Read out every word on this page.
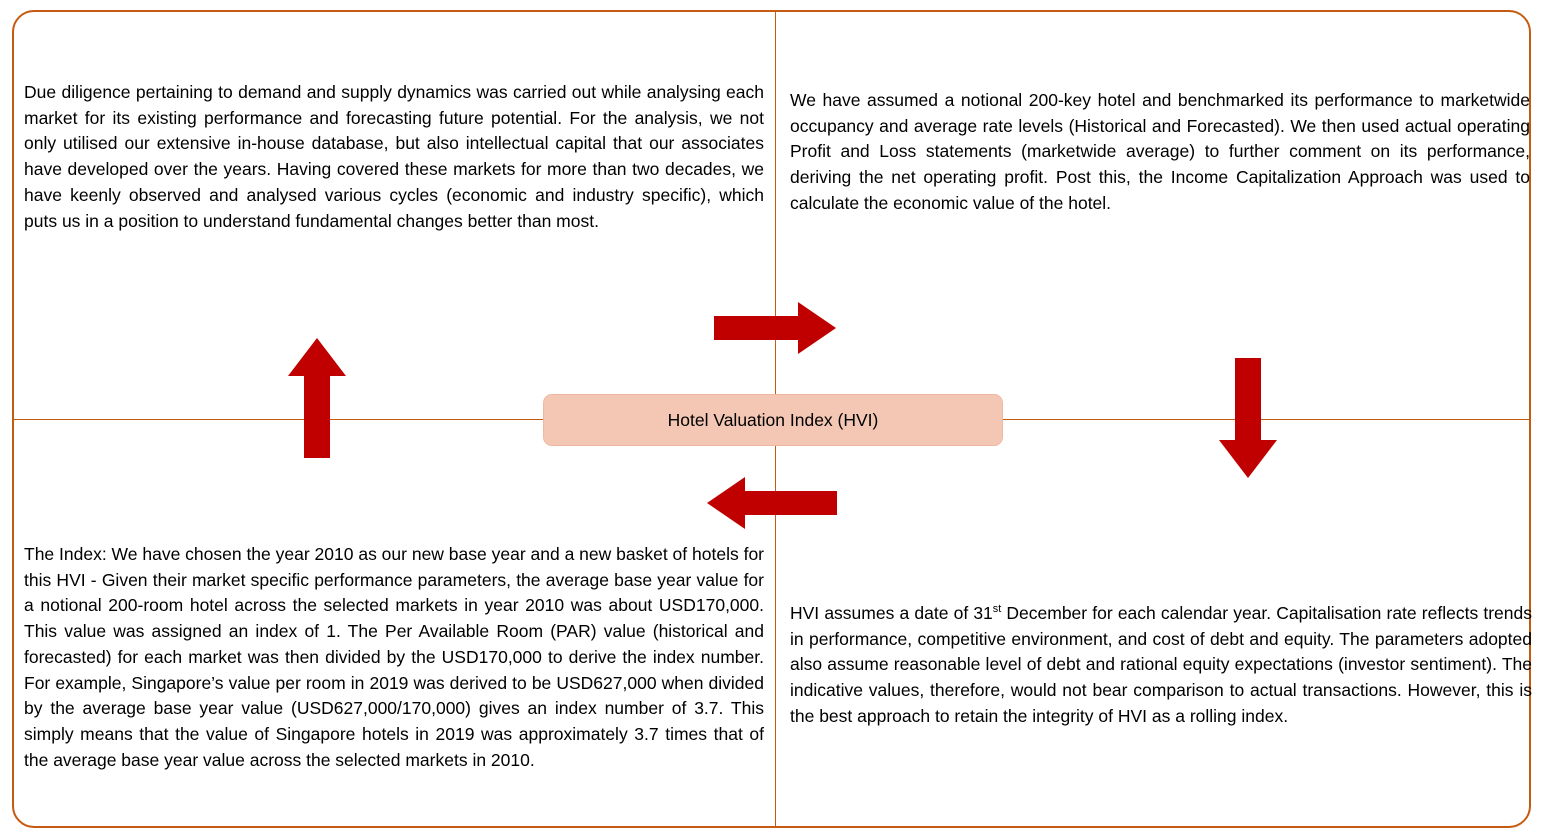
Due diligence pertaining to demand and supply dynamics was carried out while analysing each market for its existing performance and forecasting future potential. For the analysis, we not only utilised our extensive in-house database, but also intellectual capital that our associates have developed over the years. Having covered these markets for more than two decades, we have keenly observed and analysed various cycles (economic and industry specific), which puts us in a position to understand fundamental changes better than most.
We have assumed a notional 200-key hotel and benchmarked its performance to marketwide occupancy and average rate levels (Historical and Forecasted). We then used actual operating Profit and Loss statements (marketwide average) to further comment on its performance, deriving the net operating profit. Post this, the Income Capitalization Approach was used to calculate the economic value of the hotel.
The Index: We have chosen the year 2010 as our new base year and a new basket of hotels for this HVI - Given their market specific performance parameters, the average base year value for a notional 200-room hotel across the selected markets in year 2010 was about USD170,000. This value was assigned an index of 1. The Per Available Room (PAR) value (historical and forecasted) for each market was then divided by the USD170,000 to derive the index number. For example, Singapore’s value per room in 2019 was derived to be USD627,000 when divided by the average base year value (USD627,000/170,000) gives an index number of 3.7. This simply means that the value of Singapore hotels in 2019 was approximately 3.7 times that of the average base year value across the selected markets in 2010.
HVI assumes a date of 31st December for each calendar year. Capitalisation rate reflects trends in performance, competitive environment, and cost of debt and equity. The parameters adopted also assume reasonable level of debt and rational equity expectations (investor sentiment). The indicative values, therefore, would not bear comparison to actual transactions. However, this is the best approach to retain the integrity of HVI as a rolling index.
Hotel Valuation Index (HVI)
